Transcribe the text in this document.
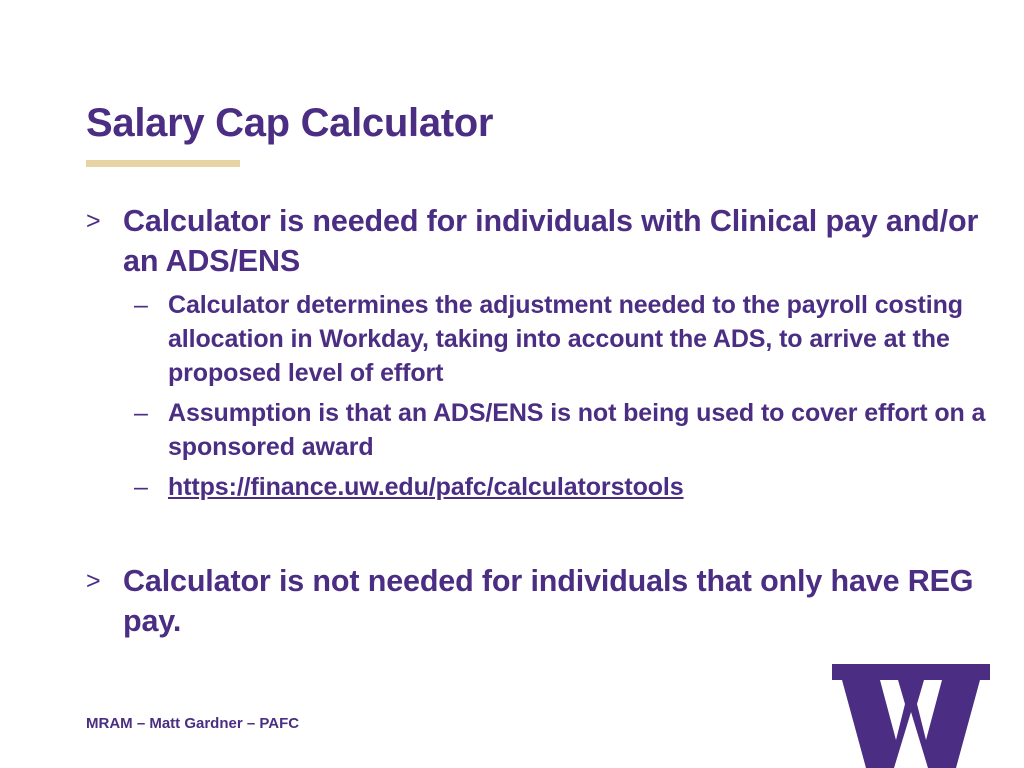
Salary Cap Calculator
> Calculator is needed for individuals with Clinical pay and/or an ADS/ENS
– Calculator determines the adjustment needed to the payroll costing allocation in Workday, taking into account the ADS, to arrive at the proposed level of effort
– Assumption is that an ADS/ENS is not being used to cover effort on a sponsored award
– https://finance.uw.edu/pafc/calculatorstools
> Calculator is not needed for individuals that only have REG pay.
MRAM – Matt Gardner – PAFC
